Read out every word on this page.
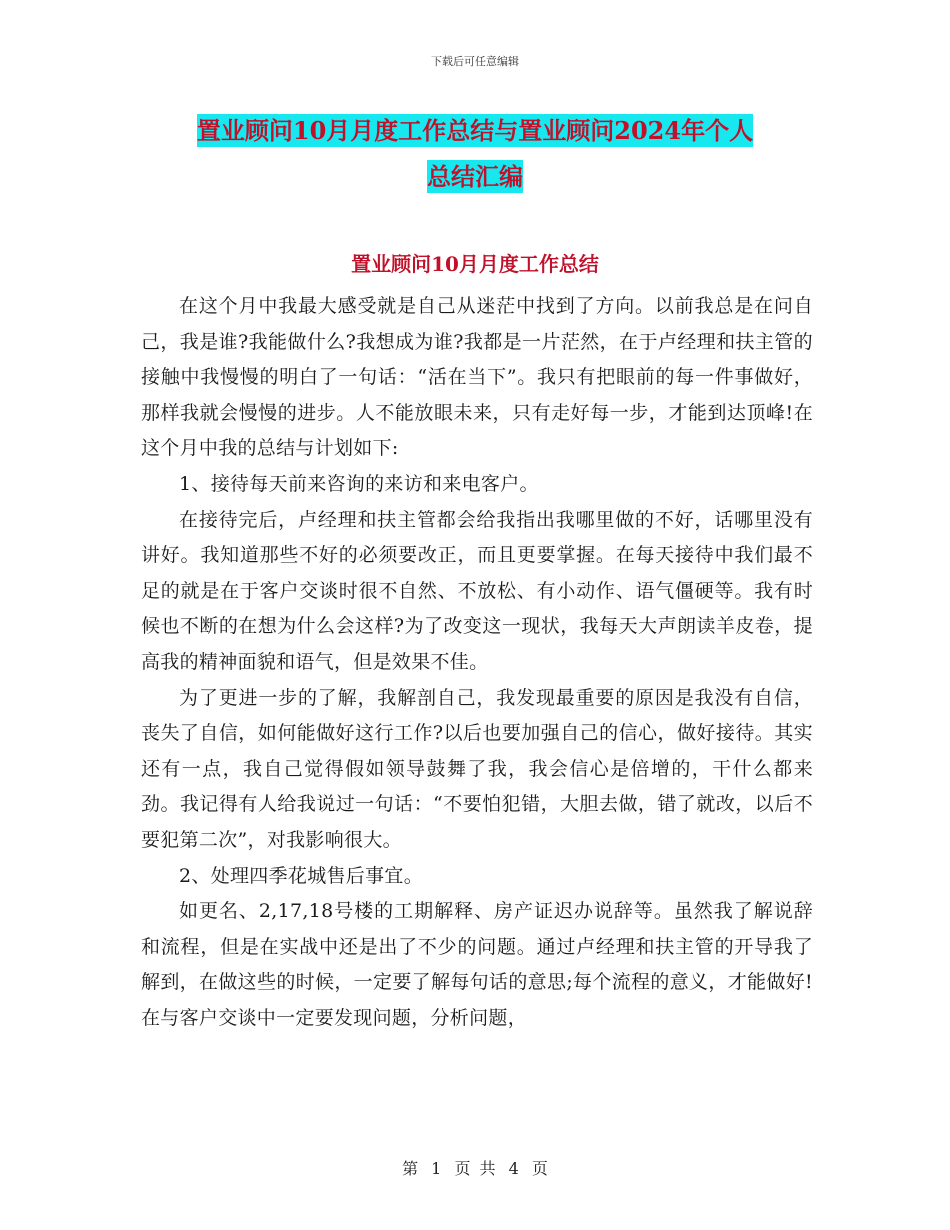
下载后可任意编辑
置业顾问10月月度工作总结与置业顾问2024年个人
总结汇编
置业顾问10月月度工作总结

在这个月中我最大感受就是自己从迷茫中找到了方向。以前我总是在问自己，我是谁?我能做什么?我想成为谁?我都是一片茫然，在于卢经理和扶主管的接触中我慢慢的明白了一句话：“活在当下”。我只有把眼前的每一件事做好，那样我就会慢慢的进步。人不能放眼未来，只有走好每一步，才能到达顶峰!在这个月中我的总结与计划如下:

1、接待每天前来咨询的来访和来电客户。

在接待完后，卢经理和扶主管都会给我指出我哪里做的不好，话哪里没有讲好。我知道那些不好的必须要改正，而且更要掌握。在每天接待中我们最不足的就是在于客户交谈时很不自然、不放松、有小动作、语气僵硬等。我有时候也不断的在想为什么会这样?为了改变这一现状，我每天大声朗读羊皮卷，提高我的精神面貌和语气，但是效果不佳。

为了更进一步的了解，我解剖自己，我发现最重要的原因是我没有自信，丧失了自信，如何能做好这行工作?以后也要加强自己的信心，做好接待。其实还有一点，我自己觉得假如领导鼓舞了我，我会信心是倍增的，干什么都来劲。我记得有人给我说过一句话：“不要怕犯错，大胆去做，错了就改，以后不要犯第二次”，对我影响很大。

2、处理四季花城售后事宜。

如更名、2,17,18号楼的工期解释、房产证迟办说辞等。虽然我了解说辞和流程，但是在实战中还是出了不少的问题。通过卢经理和扶主管的开导我了解到，在做这些的时候，一定要了解每句话的意思;每个流程的意义，才能做好!在与客户交谈中一定要发现问题，分析问题，

第 1 页 共 4 页
